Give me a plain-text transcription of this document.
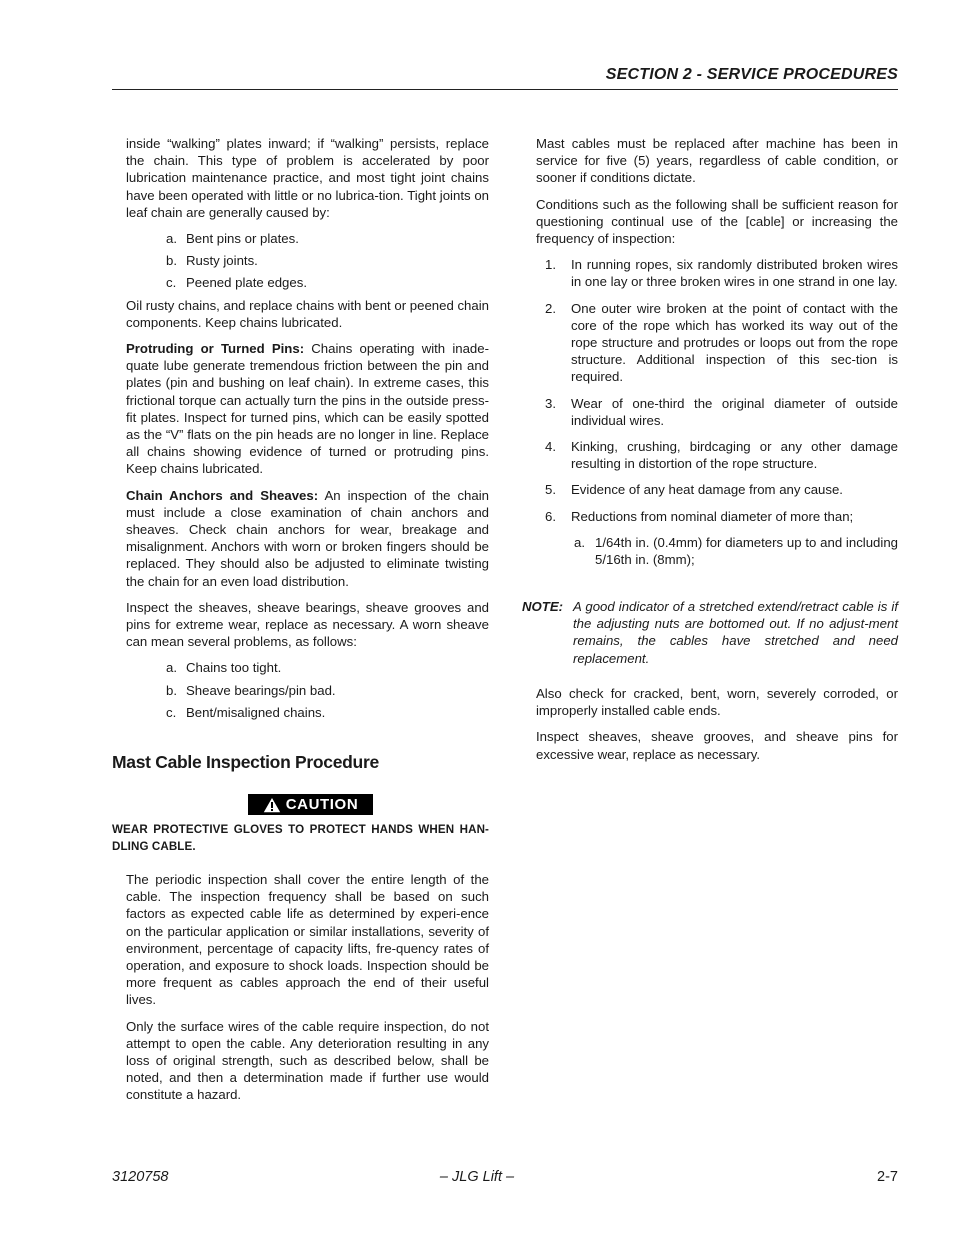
SECTION 2 - SERVICE PROCEDURES

inside “walking” plates inward; if “walking” persists, replace the chain. This type of problem is accelerated by poor lubrication maintenance practice, and most tight joint chains have been operated with little or no lubrica-tion. Tight joints on leaf chain are generally caused by:

a. Bent pins or plates.
b. Rusty joints.
c. Peened plate edges.

Oil rusty chains, and replace chains with bent or peened chain components. Keep chains lubricated.

Protruding or Turned Pins: Chains operating with inade-quate lube generate tremendous friction between the pin and plates (pin and bushing on leaf chain). In extreme cases, this frictional torque can actually turn the pins in the outside press-fit plates. Inspect for turned pins, which can be easily spotted as the “V” flats on the pin heads are no longer in line. Replace all chains showing evidence of turned or protruding pins. Keep chains lubricated.

Chain Anchors and Sheaves: An inspection of the chain must include a close examination of chain anchors and sheaves. Check chain anchors for wear, breakage and misalignment. Anchors with worn or broken fingers should be replaced. They should also be adjusted to eliminate twisting the chain for an even load distribution.

Inspect the sheaves, sheave bearings, sheave grooves and pins for extreme wear, replace as necessary. A worn sheave can mean several problems, as follows:

a. Chains too tight.
b. Sheave bearings/pin bad.
c. Bent/misaligned chains.
Mast Cable Inspection Procedure
CAUTION
WEAR PROTECTIVE GLOVES TO PROTECT HANDS WHEN HAN-DLING CABLE.

The periodic inspection shall cover the entire length of the cable. The inspection frequency shall be based on such factors as expected cable life as determined by experi-ence on the particular application or similar installations, severity of environment, percentage of capacity lifts, fre-quency rates of operation, and exposure to shock loads. Inspection should be more frequent as cables approach the end of their useful lives.

Only the surface wires of the cable require inspection, do not attempt to open the cable. Any deterioration resulting in any loss of original strength, such as described below, shall be noted, and then a determination made if further use would constitute a hazard.

Mast cables must be replaced after machine has been in service for five (5) years, regardless of cable condition, or sooner if conditions dictate.

Conditions such as the following shall be sufficient reason for questioning continual use of the [cable] or increasing the frequency of inspection:

1.	In running ropes, six randomly distributed broken wires in one lay or three broken wires in one strand in one lay.
2.	One outer wire broken at the point of contact with the core of the rope which has worked its way out of the rope structure and protrudes or loops out from the rope structure. Additional inspection of this sec-tion is required.
3.	Wear of one-third the original diameter of outside individual wires.
4.	Kinking, crushing, birdcaging or any other damage resulting in distortion of the rope structure.
5.	Evidence of any heat damage from any cause.
6.	Reductions from nominal diameter of more than;
a. 1/64th in. (0.4mm) for diameters up to and including 5/16th in. (8mm);
NOTE: A good indicator of a stretched extend/retract cable is if the adjusting nuts are bottomed out. If no adjust-ment remains, the cables have stretched and need replacement.

Also check for cracked, bent, worn, severely corroded, or improperly installed cable ends.

Inspect sheaves, sheave grooves, and sheave pins for excessive wear, replace as necessary.

3120758	– JLG Lift –	2-7
